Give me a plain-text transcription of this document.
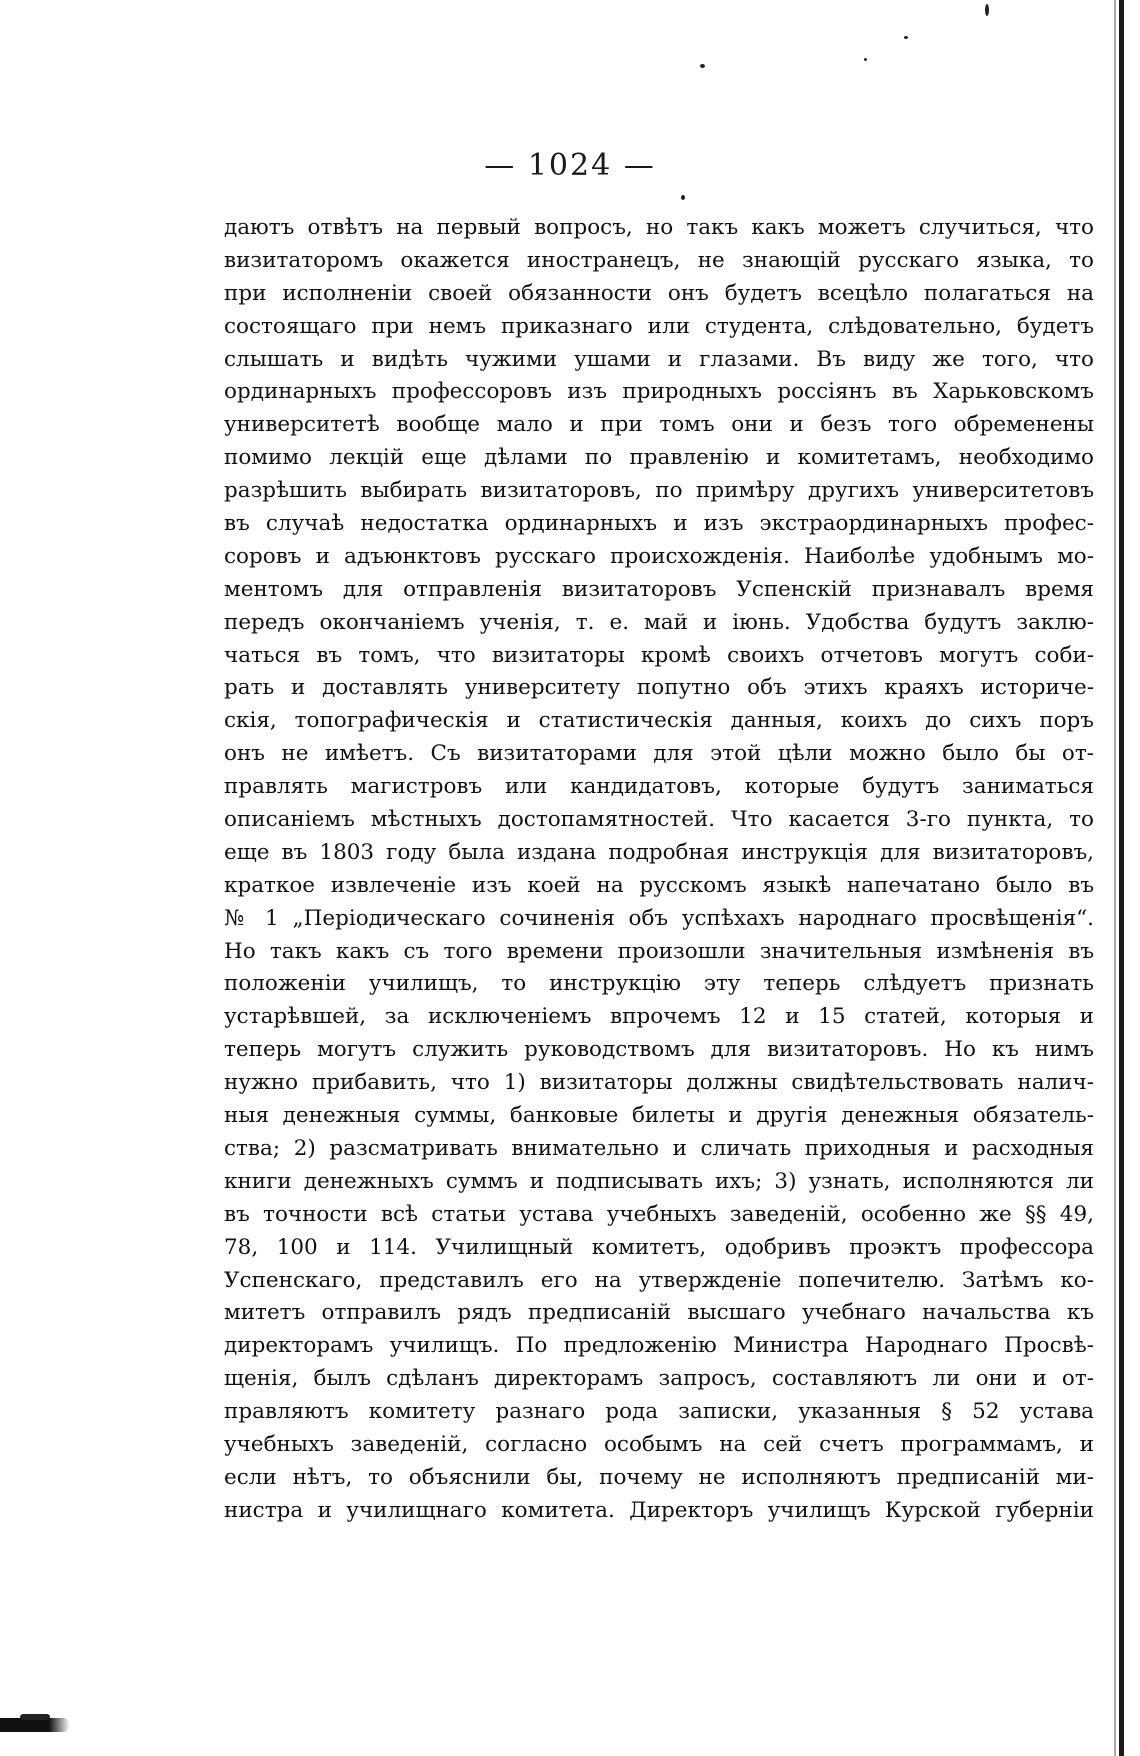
— 1024 —
даютъ отвѣтъ на первый вопросъ, но такъ какъ можетъ случиться, что
визитаторомъ окажется иностранецъ, не знающій русскаго языка, то
при исполненіи своей обязанности онъ будетъ всецѣло полагаться на
состоящаго при немъ приказнаго или студента, слѣдовательно, будетъ
слышать и видѣть чужими ушами и глазами. Въ виду же того, что
ординарныхъ профессоровъ изъ природныхъ россіянъ въ Харьковскомъ
университетѣ вообще мало и при томъ они и безъ того обременены
помимо лекцій еще дѣлами по правленію и комитетамъ, необходимо
разрѣшить выбирать визитаторовъ, по примѣру другихъ университетовъ
въ случаѣ недостатка ординарныхъ и изъ экстраординарныхъ профес-
соровъ и адъюнктовъ русскаго происхожденія. Наиболѣе удобнымъ мо-
ментомъ для отправленія визитаторовъ Успенскій признавалъ время
передъ окончаніемъ ученія, т. е. май и іюнь. Удобства будутъ заклю-
чаться въ томъ, что визитаторы кромѣ своихъ отчетовъ могутъ соби-
рать и доставлять университету попутно объ этихъ краяхъ историче-
скія, топографическія и статистическія данныя, коихъ до сихъ поръ
онъ не имѣетъ. Съ визитаторами для этой цѣли можно было бы от-
правлять магистровъ или кандидатовъ, которые будутъ заниматься
описаніемъ мѣстныхъ достопамятностей. Что касается 3-го пункта, то
еще въ 1803 году была издана подробная инструкція для визитаторовъ,
краткое извлеченіе изъ коей на русскомъ языкѣ напечатано было въ
№ 1 „Періодическаго сочиненія объ успѣхахъ народнаго просвѣщенія“.
Но такъ какъ съ того времени произошли значительныя измѣненія въ
положеніи училищъ, то инструкцію эту теперь слѣдуетъ признать
устарѣвшей, за исключеніемъ впрочемъ 12 и 15 статей, которыя и
теперь могутъ служить руководствомъ для визитаторовъ. Но къ нимъ
нужно прибавить, что 1) визитаторы должны свидѣтельствовать налич-
ныя денежныя суммы, банковые билеты и другія денежныя обязатель-
ства; 2) разсматривать внимательно и сличать приходныя и расходныя
книги денежныхъ суммъ и подписывать ихъ; 3) узнать, исполняются ли
въ точности всѣ статьи устава учебныхъ заведеній, особенно же §§ 49,
78, 100 и 114. Училищный комитетъ, одобривъ проэктъ профессора
Успенскаго, представилъ его на утвержденіе попечителю. Затѣмъ ко-
митетъ отправилъ рядъ предписаній высшаго учебнаго начальства къ
директорамъ училищъ. По предложенію Министра Народнаго Просвѣ-
щенія, былъ сдѣланъ директорамъ запросъ, составляютъ ли они и от-
правляютъ комитету разнаго рода записки, указанныя § 52 устава
учебныхъ заведеній, согласно особымъ на сей счетъ программамъ, и
если нѣтъ, то объяснили бы, почему не исполняютъ предписаній ми-
нистра и училищнаго комитета. Директоръ училищъ Курской губерніи
